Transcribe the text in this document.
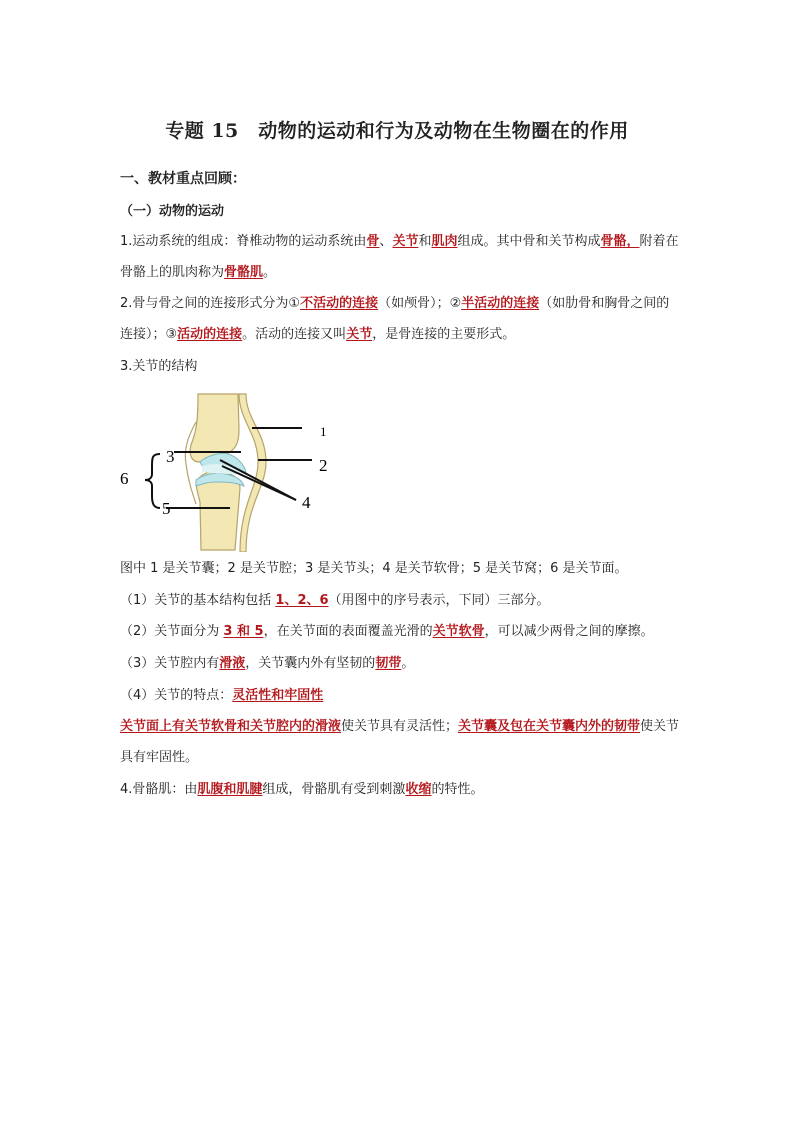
专题 15　动物的运动和行为及动物在生物圈在的作用
一、教材重点回顾：
（一）动物的运动

1.运动系统的组成：脊椎动物的运动系统由骨、关节和肌肉组成。其中骨和关节构成骨骼，附着在骨骼上的肌肉称为骨骼肌。

2.骨与骨之间的连接形式分为①不活动的连接（如颅骨）；②半活动的连接（如肋骨和胸骨之间的连接）；③活动的连接。活动的连接又叫关节，是骨连接的主要形式。

3.关节的结构

1
2
3
4
5
6

图中 1 是关节囊；2 是关节腔；3 是关节头；4 是关节软骨；5 是关节窝；6 是关节面。

（1）关节的基本结构包括 1、2、6（用图中的序号表示，下同）三部分。

（2）关节面分为 3 和 5，在关节面的表面覆盖光滑的关节软骨，可以减少两骨之间的摩擦。

（3）关节腔内有滑液，关节囊内外有坚韧的韧带。

（4）关节的特点：灵活性和牢固性

关节面上有关节软骨和关节腔内的滑液使关节具有灵活性；关节囊及包在关节囊内外的韧带使关节具有牢固性。

4.骨骼肌：由肌腹和肌腱组成，骨骼肌有受到刺激收缩的特性。
